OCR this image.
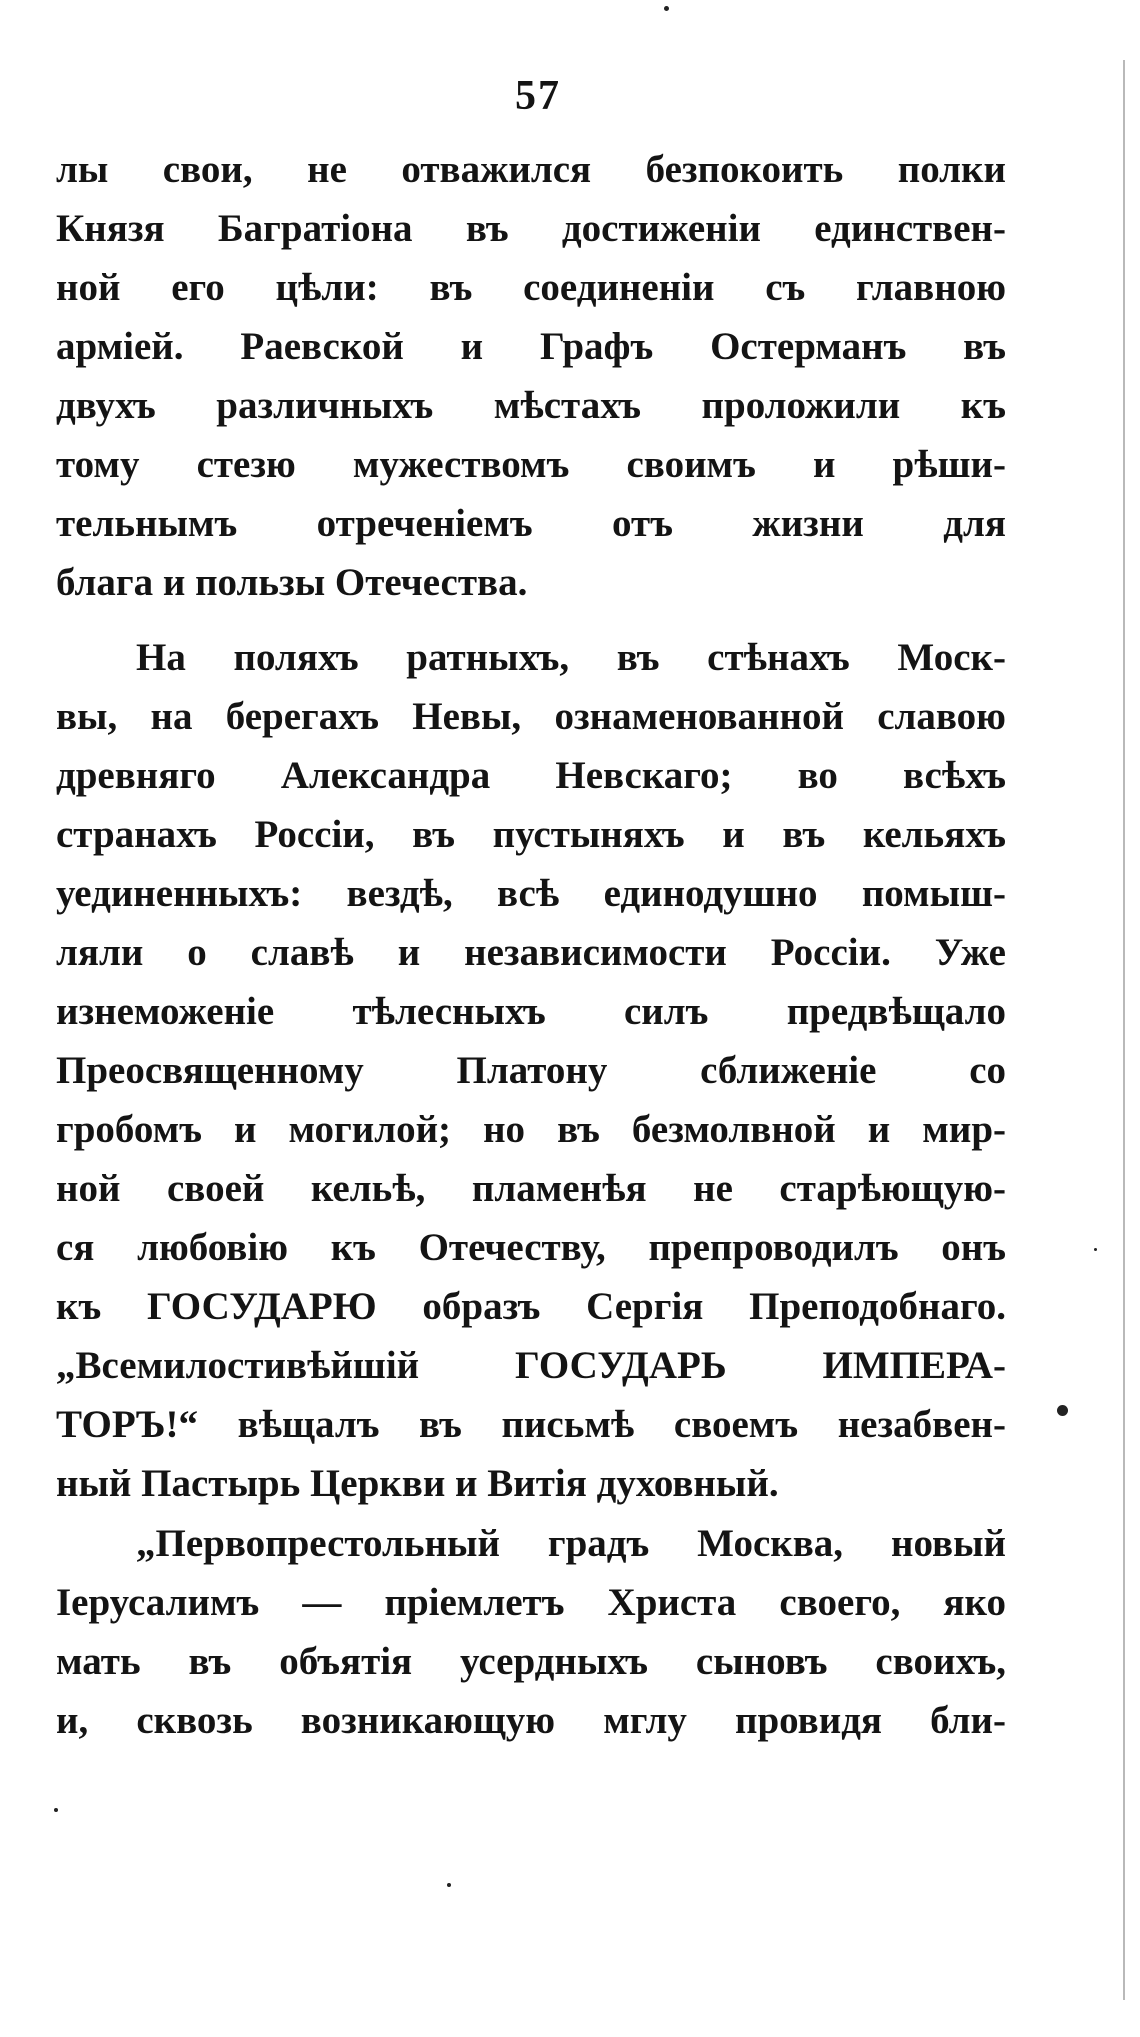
57
лы свои, не отважился безпокоить полки
Князя Багратіона въ достиженіи единствен-
ной его цѣли: въ соединеніи съ главною
арміей. Раевской и Графъ Остерманъ въ
двухъ различныхъ мѣстахъ проложили къ
тому стезю мужествомъ своимъ и рѣши-
тельнымъ отреченіемъ отъ жизни для
блага и пользы Отечества.
На поляхъ ратныхъ, въ стѣнахъ Моск-
вы, на берегахъ Невы, ознаменованной славою
древняго Александра Невскаго; во всѣхъ
странахъ Россіи, въ пустыняхъ и въ кельяхъ
уединенныхъ: вездѣ, всѣ единодушно помыш-
ляли о славѣ и независимости Россіи. Уже
изнеможеніе тѣлесныхъ силъ предвѣщало
Преосвященному Платону сближеніе со
гробомъ и могилой; но въ безмолвной и мир-
ной своей кельѣ, пламенѣя не старѣющую-
ся любовію къ Отечеству, препроводилъ онъ
къ ГОСУДАРЮ образъ Сергія Преподобнаго.
„Всемилостивѣйшій ГОСУДАРЬ ИМПЕРА-
ТОРЪ!“ вѣщалъ въ письмѣ своемъ незабвен-
ный Пастырь Церкви и Витія духовный.
„Первопрестольный градъ Москва, новый
Іерусалимъ — пріемлетъ Христа своего, яко
мать въ объятія усердныхъ сыновъ своихъ,
и, сквозь возникающую мглу провидя бли-
